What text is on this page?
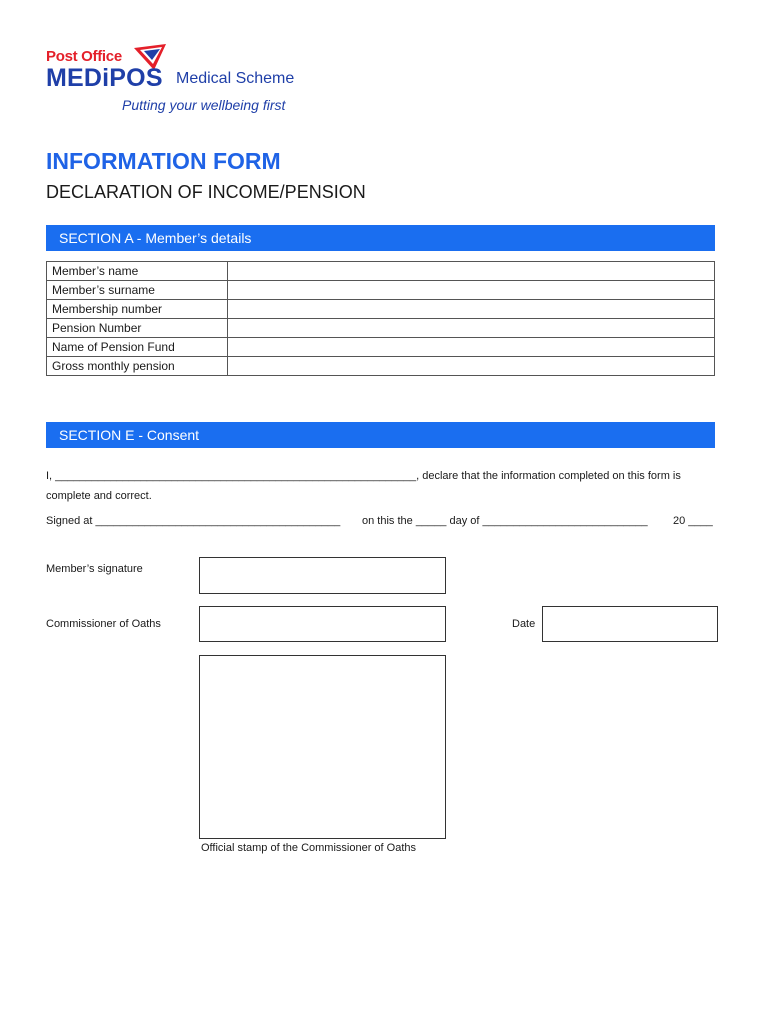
Post Office
MEDiPOS Medical Scheme
Putting your wellbeing first
INFORMATION FORM
DECLARATION OF INCOME/PENSION
SECTION A - Member’s details
Member’s name	
Member’s surname	
Membership number	
Pension Number	
Name of Pension Fund	
Gross monthly pension	
SECTION E - Consent
I, ___________________________________________________________, declare that the information completed on this form is
complete and correct.
Signed at ________________________________________ on this the _____ day of ___________________________ 20 ____
Member’s signature
Commissioner of Oaths	Date
Official stamp of the Commissioner of Oaths
